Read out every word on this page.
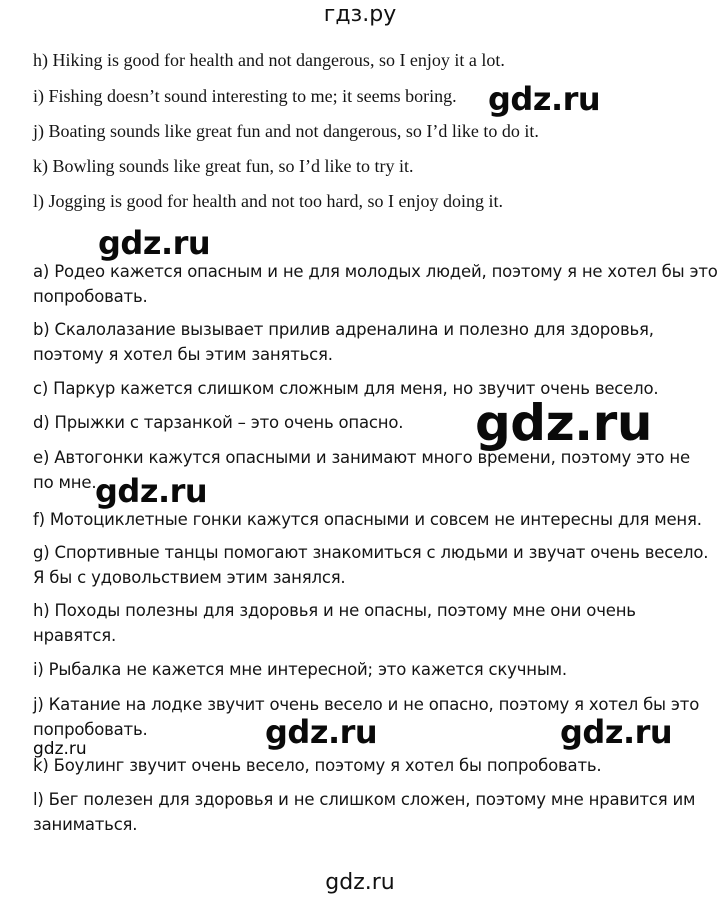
гдз.ру
h) Hiking is good for health and not dangerous, so I enjoy it a lot.
i) Fishing doesn’t sound interesting to me; it seems boring.
j) Boating sounds like great fun and not dangerous, so I’d like to do it.
k) Bowling sounds like great fun, so I’d like to try it.
l) Jogging is good for health and not too hard, so I enjoy doing it.
a) Родео кажется опасным и не для молодых людей, поэтому я не хотел бы это
попробовать.
b) Скалолазание вызывает прилив адреналина и полезно для здоровья,
поэтому я хотел бы этим заняться.
c) Паркур кажется слишком сложным для меня, но звучит очень весело.
d) Прыжки с тарзанкой – это очень опасно.
e) Автогонки кажутся опасными и занимают много времени, поэтому это не
по мне.
f) Мотоциклетные гонки кажутся опасными и совсем не интересны для меня.
g) Спортивные танцы помогают знакомиться с людьми и звучат очень весело.
Я бы с удовольствием этим занялся.
h) Походы полезны для здоровья и не опасны, поэтому мне они очень
нравятся.
i) Рыбалка не кажется мне интересной; это кажется скучным.
j) Катание на лодке звучит очень весело и не опасно, поэтому я хотел бы это
попробовать.
k) Боулинг звучит очень весело, поэтому я хотел бы попробовать.
l) Бег полезен для здоровья и не слишком сложен, поэтому мне нравится им
заниматься.
gdz.ru
gdz.ru
gdz.ru
gdz.ru
gdz.ru	gdz.ru
gdz.ru
gdz.ru
